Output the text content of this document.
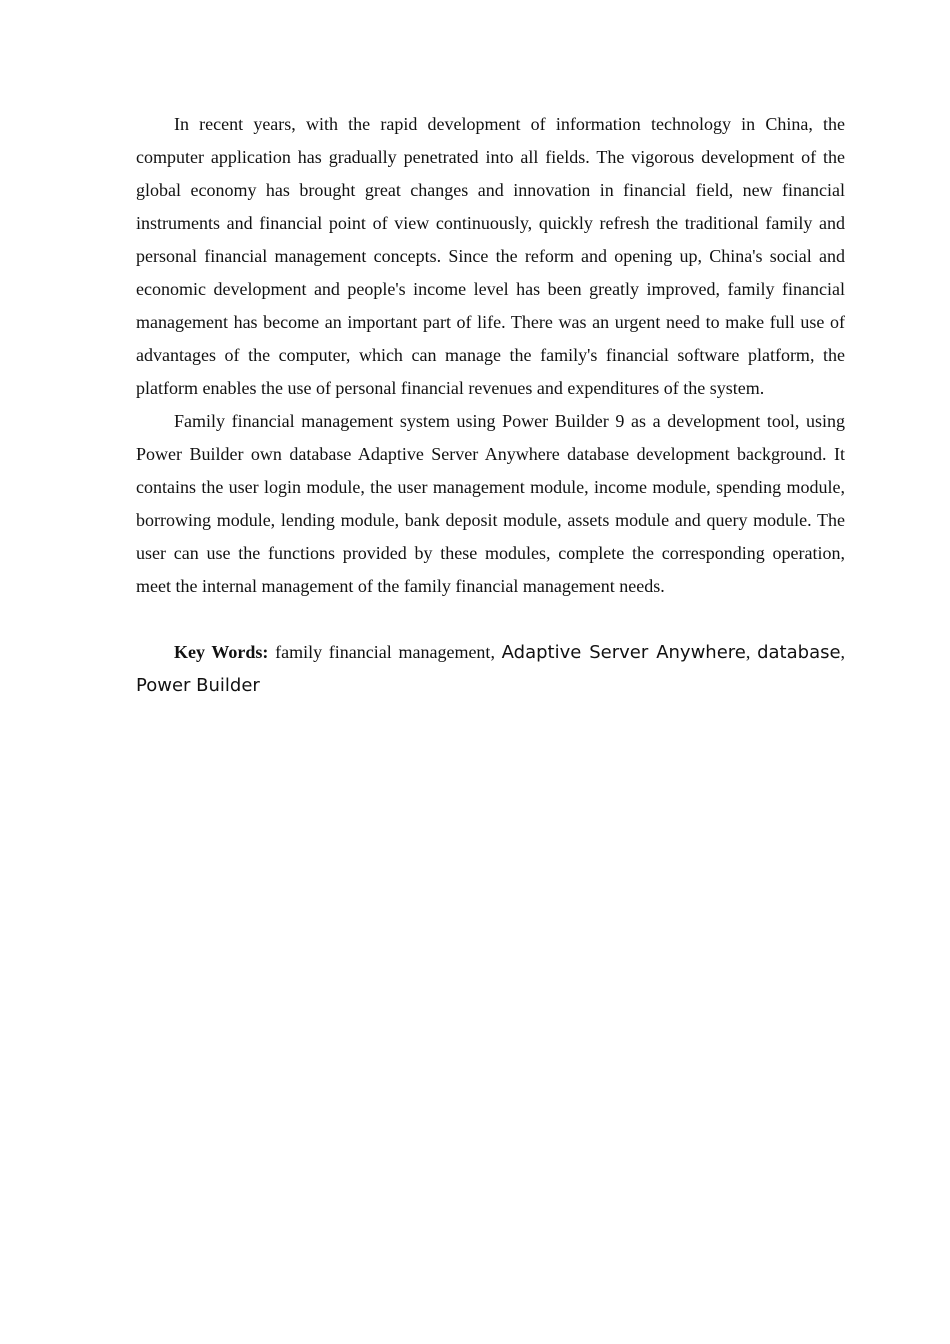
In recent years, with the rapid development of information technology in China, the computer application has gradually penetrated into all fields. The vigorous development of the global economy has brought great changes and innovation in financial field, new financial instruments and financial point of view continuously, quickly refresh the traditional family and personal financial management concepts. Since the reform and opening up, China's social and economic development and people's income level has been greatly improved, family financial management has become an important part of life. There was an urgent need to make full use of advantages of the computer, which can manage the family's financial software platform, the platform enables the use of personal financial revenues and expenditures of the system.

Family financial management system using Power Builder 9 as a development tool, using Power Builder own database Adaptive Server Anywhere database development background. It contains the user login module, the user management module, income module, spending module, borrowing module, lending module, bank deposit module, assets module and query module. The user can use the functions provided by these modules, complete the corresponding operation, meet the internal management of the family financial management needs.

Key Words: family financial management, Adaptive Server Anywhere, database, Power Builder
